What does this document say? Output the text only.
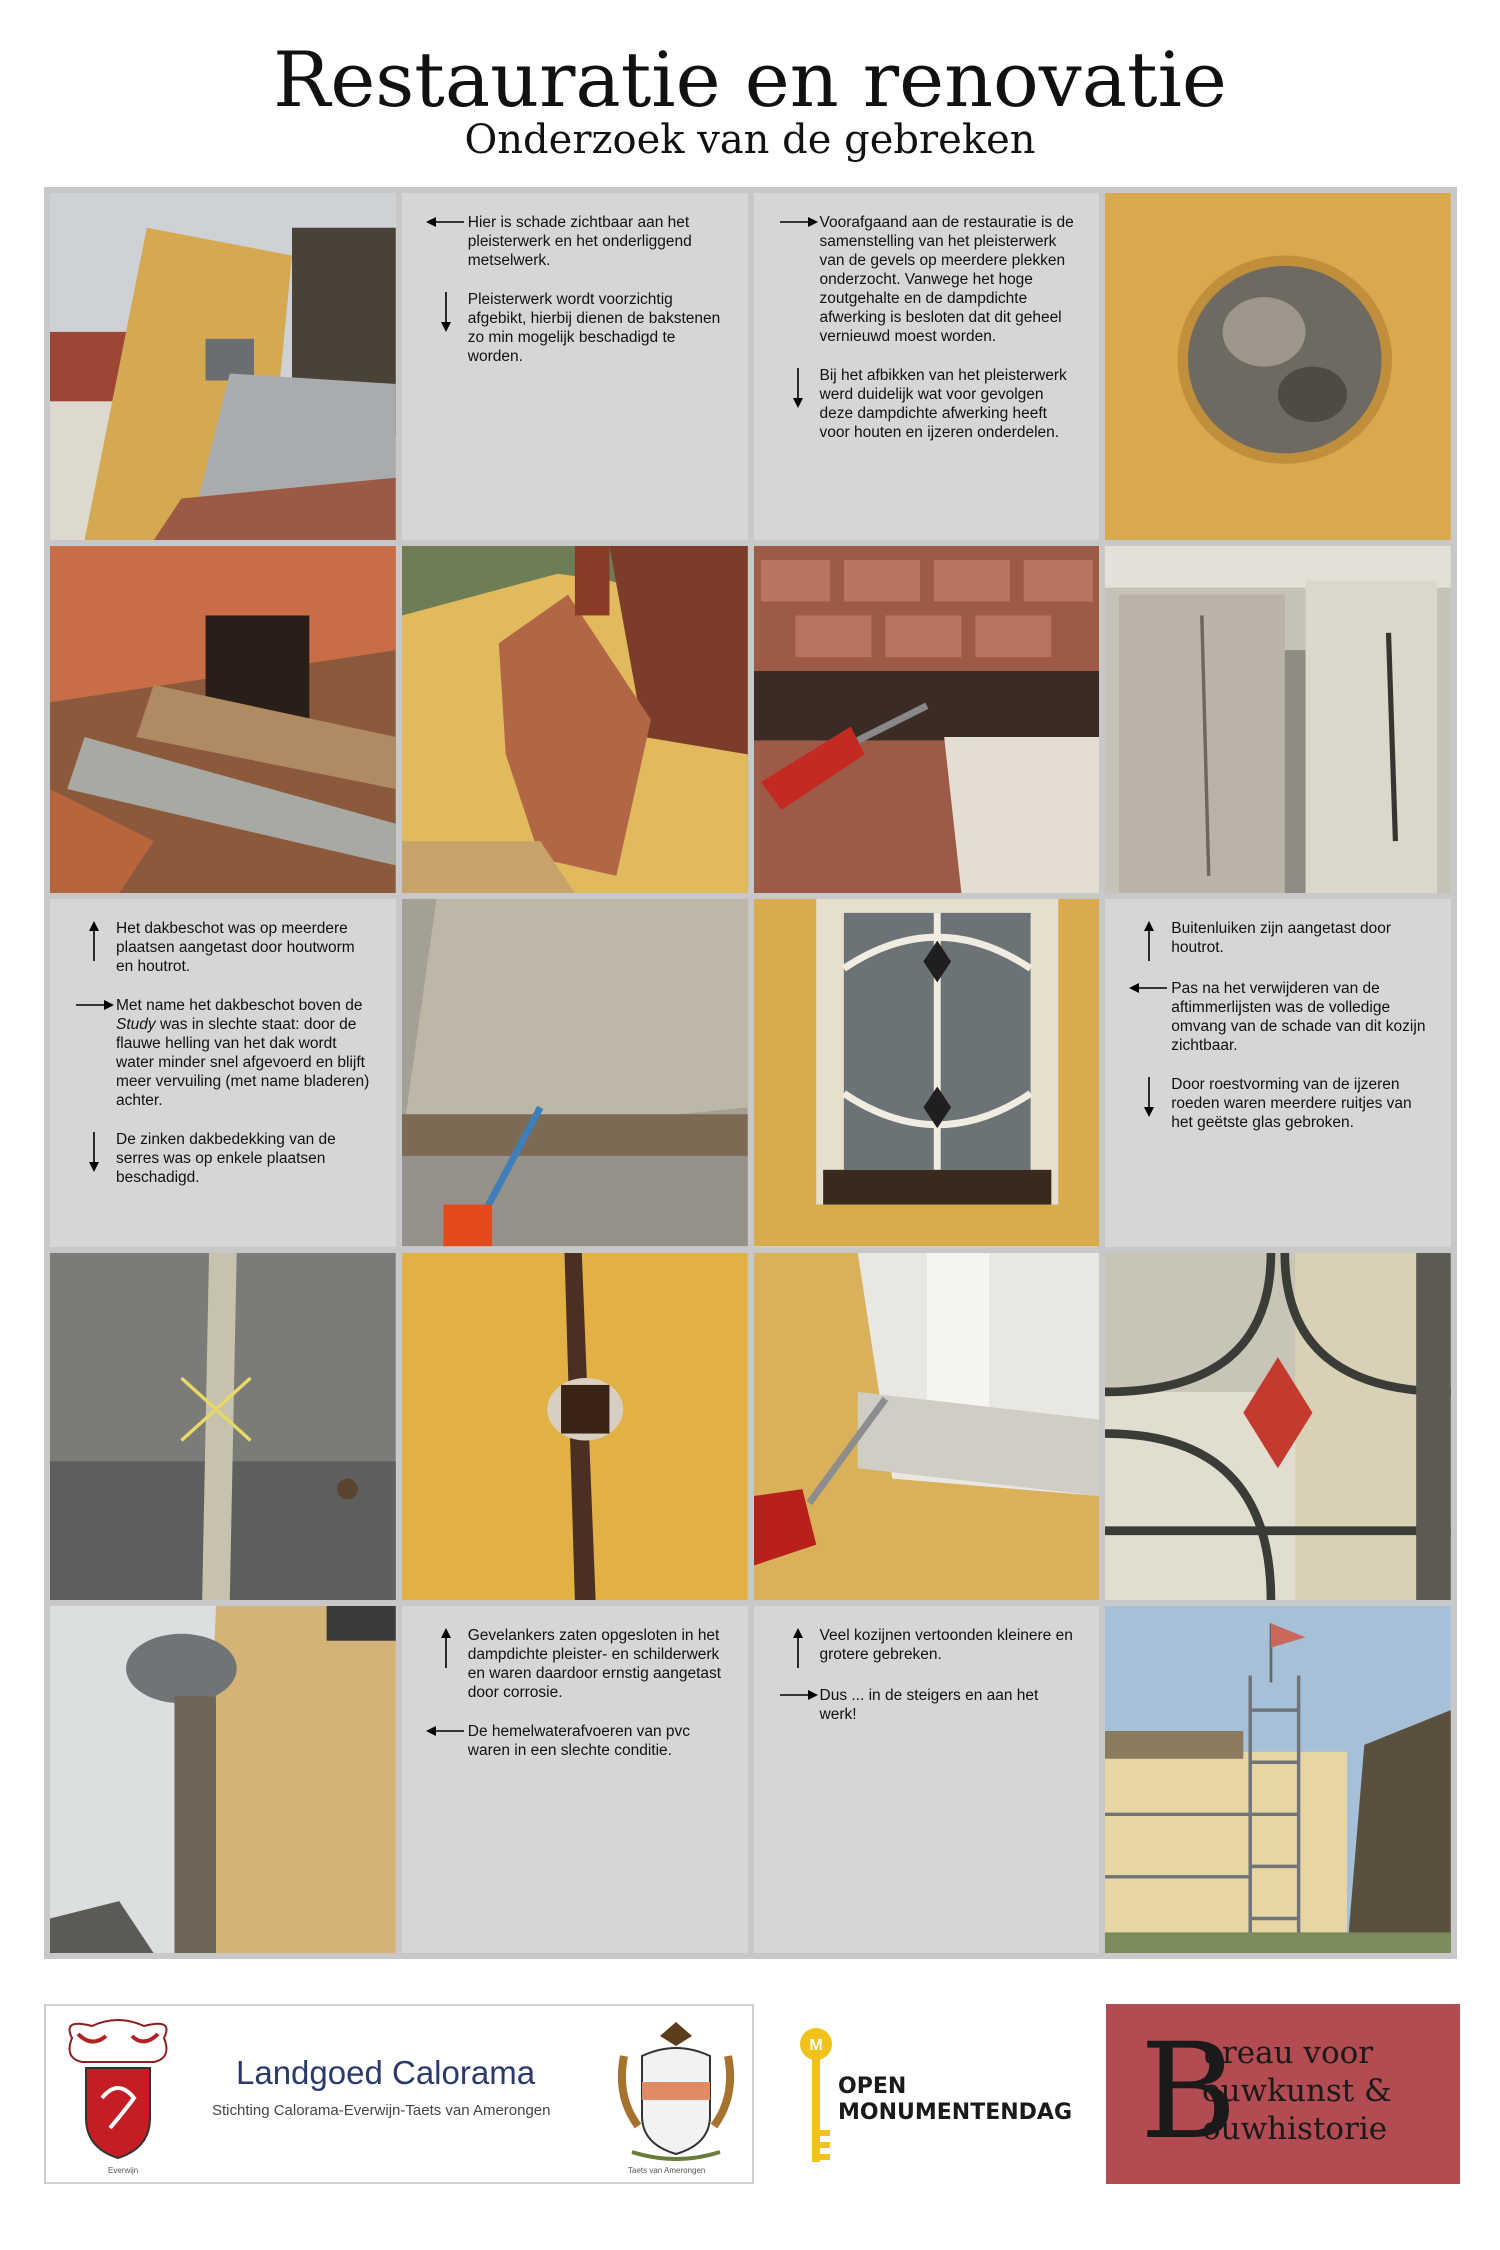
Restauratie en renovatie
Onderzoek van de gebreken
Hier is schade zichtbaar aan het pleisterwerk en het onderliggend metselwerk.
Pleisterwerk wordt voorzichtig afgebikt, hierbij dienen de bakstenen zo min mogelijk beschadigd te worden.
Voorafgaand aan de restauratie is de samenstelling van het pleisterwerk van de gevels op meerdere plekken onderzocht. Vanwege het hoge zoutgehalte en de dampdichte afwerking is besloten dat dit geheel vernieuwd moest worden.
Bij het afbikken van het pleisterwerk werd duidelijk wat voor gevolgen deze dampdichte afwerking heeft voor houten en ijzeren onderdelen.
Het dakbeschot was op meerdere plaatsen aangetast door houtworm en houtrot.
Met name het dakbeschot boven de Study was in slechte staat: door de flauwe helling van het dak wordt water minder snel afgevoerd en blijft meer vervuiling (met name bladeren) achter.
De zinken dakbedekking van de serres was op enkele plaatsen beschadigd.
Buitenluiken zijn aangetast door houtrot.
Pas na het verwijderen van de aftimmerlijsten was de volledige omvang van de schade van dit kozijn zichtbaar.
Door roestvorming van de ijzeren roeden waren meerdere ruitjes van het geëtste glas gebroken.
Gevelankers zaten opgesloten in het dampdichte pleister- en schilderwerk en waren daardoor ernstig aangetast door corrosie.
De hemelwaterafvoeren van pvc waren in een slechte conditie.
Veel kozijnen vertoonden kleinere en grotere gebreken.
Dus ... in de steigers en aan het werk!
Everwijn
Landgoed Calorama
Stichting Calorama-Everwijn-Taets van Amerongen
Taets van Amerongen
M
OPEN
MONUMENTENDAG B
ureau voor
ouwkunst &
ouwhistorie
